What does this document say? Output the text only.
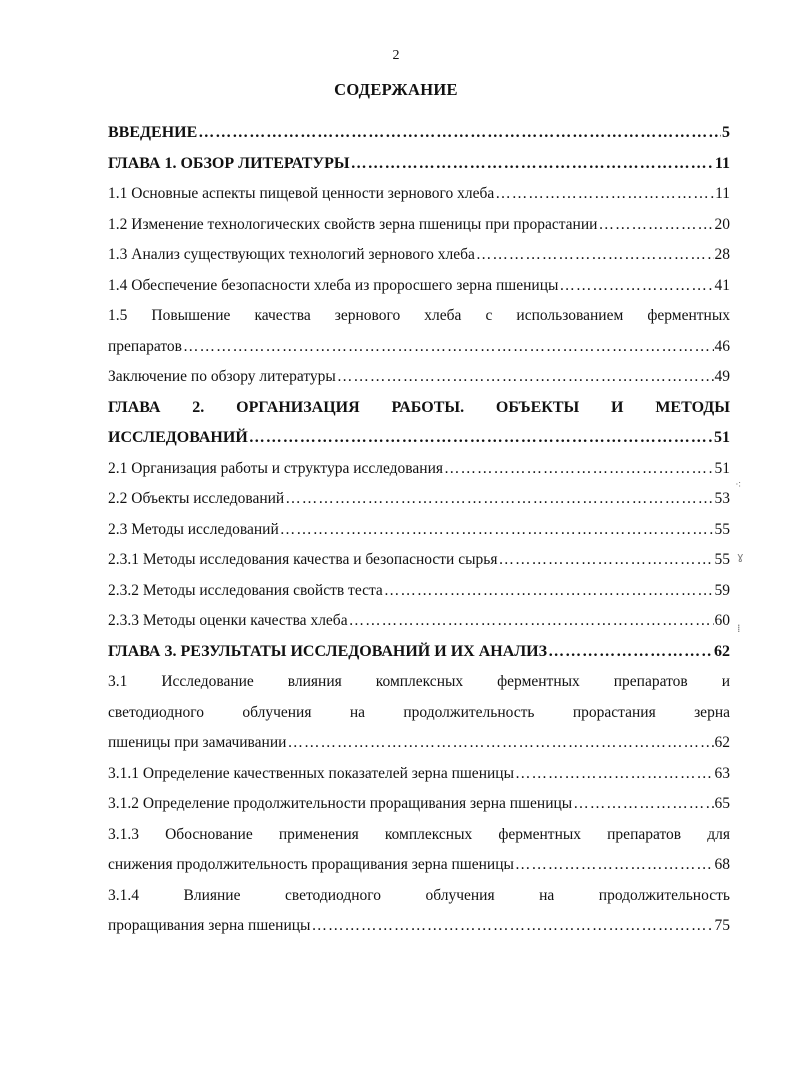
2
СОДЕРЖАНИЕ
ВВЕДЕНИЕ ………………………………………………………………………………………………………………………………………………………………………………………………	5
ГЛАВА 1. ОБЗОР ЛИТЕРАТУРЫ ………………………………………………………………………………………………………………………………………………………………………………………………	11
1.1 Основные аспекты пищевой ценности зернового хлеба ………………………………………………………………………………………………………………………………………………………………………………………………	11
1.2 Изменение технологических свойств зерна пшеницы при прорастании ………………………………………………………………………………………………………………………………………………………………………………………………	20
1.3 Анализ существующих технологий зернового хлеба ………………………………………………………………………………………………………………………………………………………………………………………………	28
1.4 Обеспечение безопасности хлеба из проросшего зерна пшеницы ………………………………………………………………………………………………………………………………………………………………………………………………	41
1.5 Повышение качества зернового хлеба с использованием ферментных
препаратов ………………………………………………………………………………………………………………………………………………………………………………………………	46
Заключение по обзору литературы ………………………………………………………………………………………………………………………………………………………………………………………………	49
ГЛАВА 2. ОРГАНИЗАЦИЯ РАБОТЫ. ОБЪЕКТЫ И МЕТОДЫ
ИССЛЕДОВАНИЙ ………………………………………………………………………………………………………………………………………………………………………………………………	51
2.1 Организация работы и структура исследования ………………………………………………………………………………………………………………………………………………………………………………………………	51
2.2 Объекты исследований ………………………………………………………………………………………………………………………………………………………………………………………………	53
2.3 Методы исследований ………………………………………………………………………………………………………………………………………………………………………………………………	55
2.3.1 Методы исследования качества и безопасности сырья ………………………………………………………………………………………………………………………………………………………………………………………………	55
2.3.2 Методы исследования свойств теста ………………………………………………………………………………………………………………………………………………………………………………………………	59
2.3.3 Методы оценки качества хлеба ………………………………………………………………………………………………………………………………………………………………………………………………	60
ГЛАВА 3. РЕЗУЛЬТАТЫ ИССЛЕДОВАНИЙ И ИХ АНАЛИЗ ………………………………………………………………………………………………………………………………………………………………………………………………	62
3.1 Исследование влияния комплексных ферментных препаратов и
светодиодного облучения на продолжительность прорастания зерна
пшеницы при замачивании ………………………………………………………………………………………………………………………………………………………………………………………………	62
3.1.1 Определение качественных показателей зерна пшеницы ………………………………………………………………………………………………………………………………………………………………………………………………	63
3.1.2 Определение продолжительности проращивания зерна пшеницы ………………………………………………………………………………………………………………………………………………………………………………………………	65
3.1.3 Обоснование применения комплексных ферментных препаратов для
снижения продолжительность проращивания зерна пшеницы ………………………………………………………………………………………………………………………………………………………………………………………………	68
3.1.4	Влияние	светодиодного	облучения	на	продолжительность
проращивания зерна пшеницы ………………………………………………………………………………………………………………………………………………………………………………………………	75
⁖
ɣ
⁞
